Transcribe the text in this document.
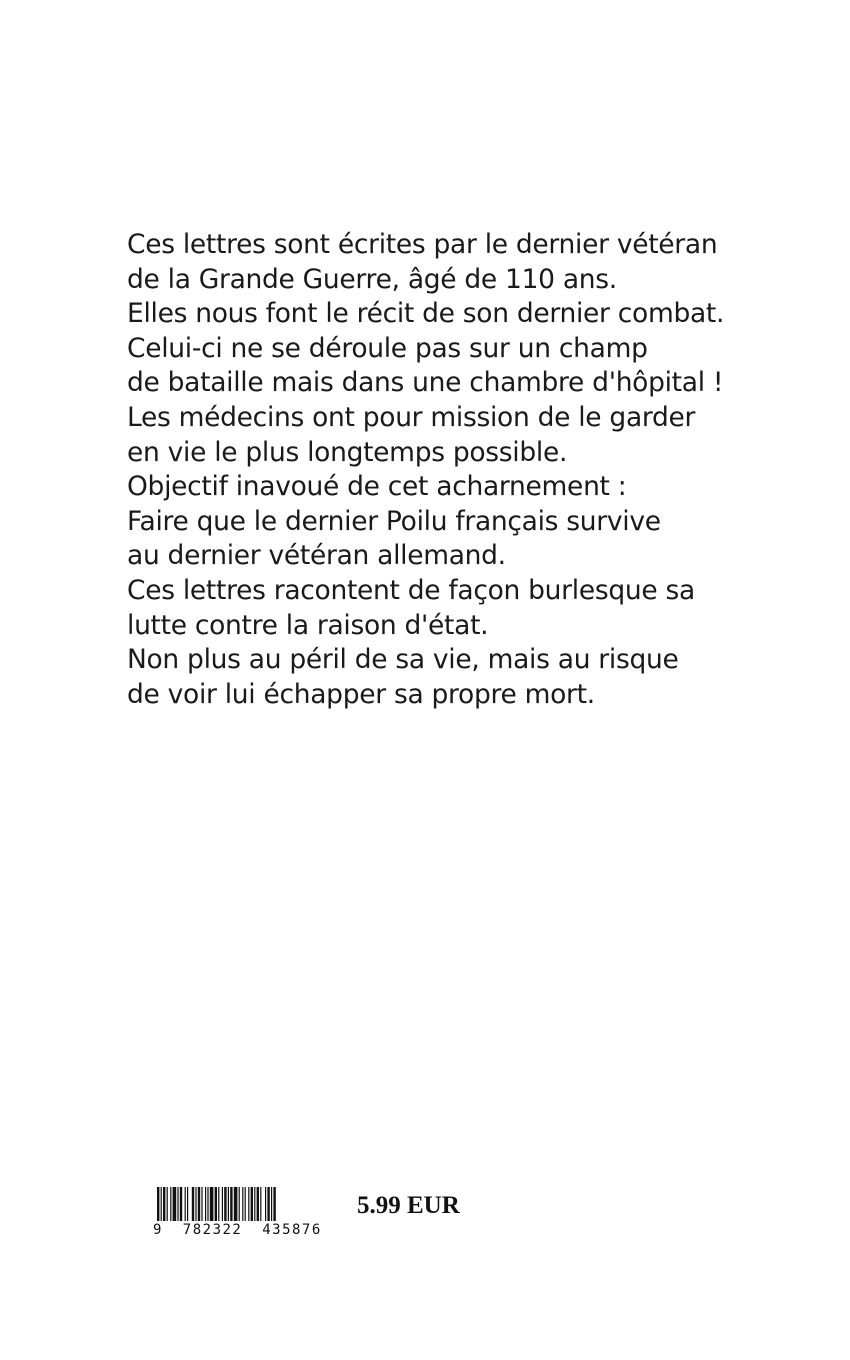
Ces lettres sont écrites par le dernier vétéran
de la Grande Guerre, âgé de 110 ans.
Elles nous font le récit de son dernier combat.
Celui-ci ne se déroule pas sur un champ
de bataille mais dans une chambre d'hôpital !
Les médecins ont pour mission de le garder
en vie le plus longtemps possible.
Objectif inavoué de cet acharnement :
Faire que le dernier Poilu français survive
au dernier vétéran allemand.
Ces lettres racontent de façon burlesque sa
lutte contre la raison d'état.
Non plus au péril de sa vie, mais au risque
de voir lui échapper sa propre mort.
9  782322  435876
5.99 EUR
